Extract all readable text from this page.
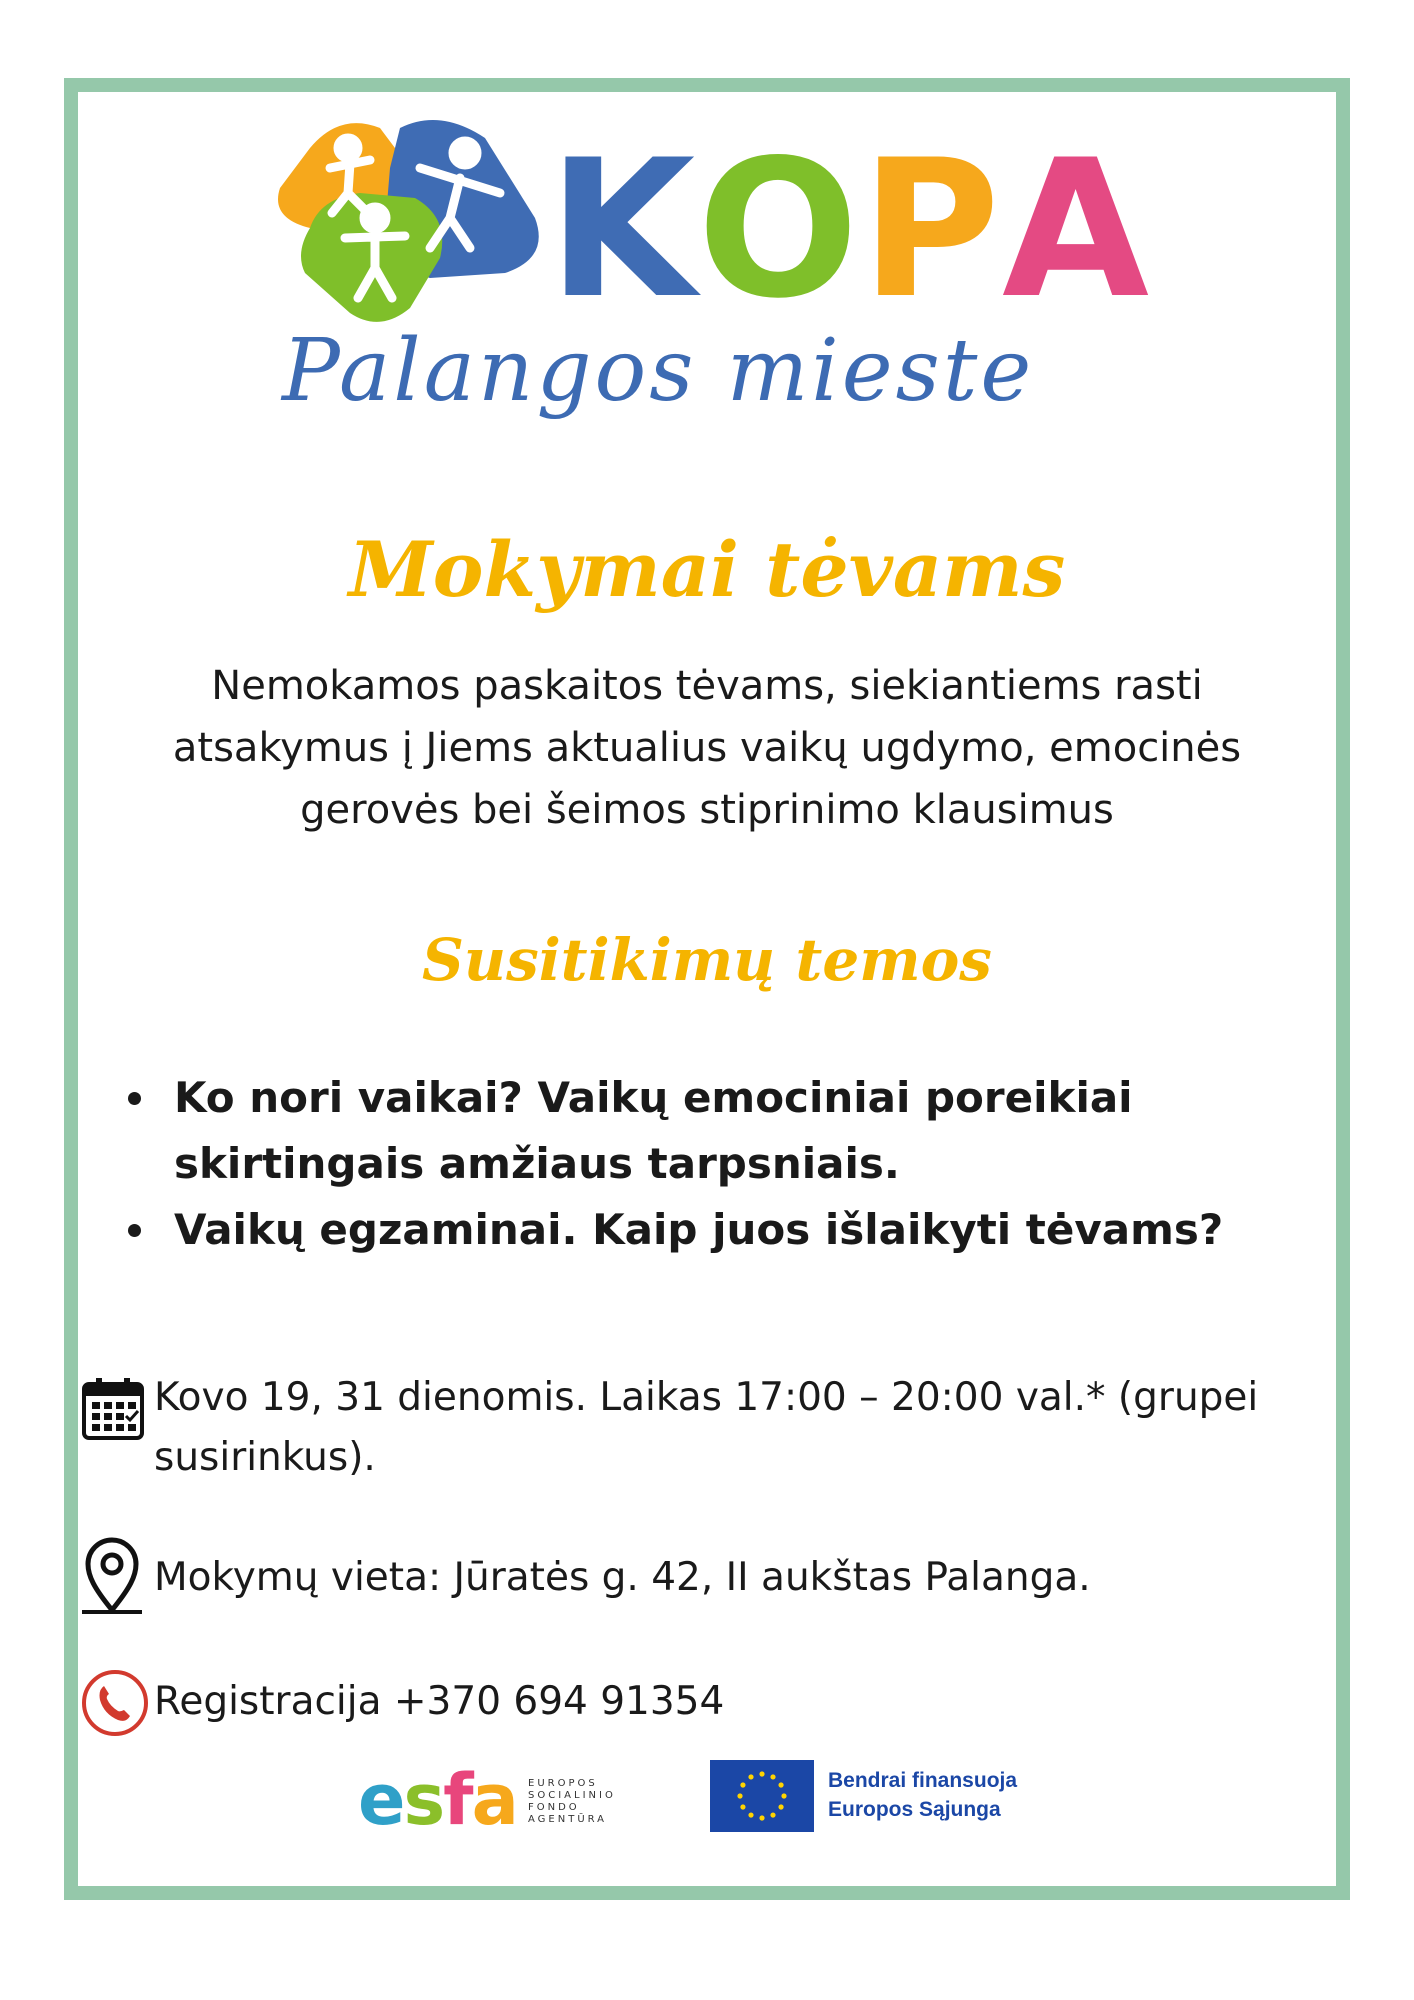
KOPA
Palangos mieste
Mokymai tėvams
Nemokamos paskaitos tėvams, siekiantiems rasti atsakymus į Jiems aktualius vaikų ugdymo, emocinės gerovės bei šeimos stiprinimo klausimus
Susitikimų temos
Ko nori vaikai? Vaikų emociniai poreikiai skirtingais amžiaus tarpsniais.
Vaikų egzaminai. Kaip juos išlaikyti tėvams?
Kovo 19, 31 dienomis. Laikas 17:00 – 20:00 val.* (grupei susirinkus).
Mokymų vieta: Jūratės g. 42, II aukštas Palanga.
Registracija +370 694 91354
esfa EUROPOS
SOCIALINIO
FONDO
AGENTŪRA
Bendrai finansuoja
Europos Sąjunga
